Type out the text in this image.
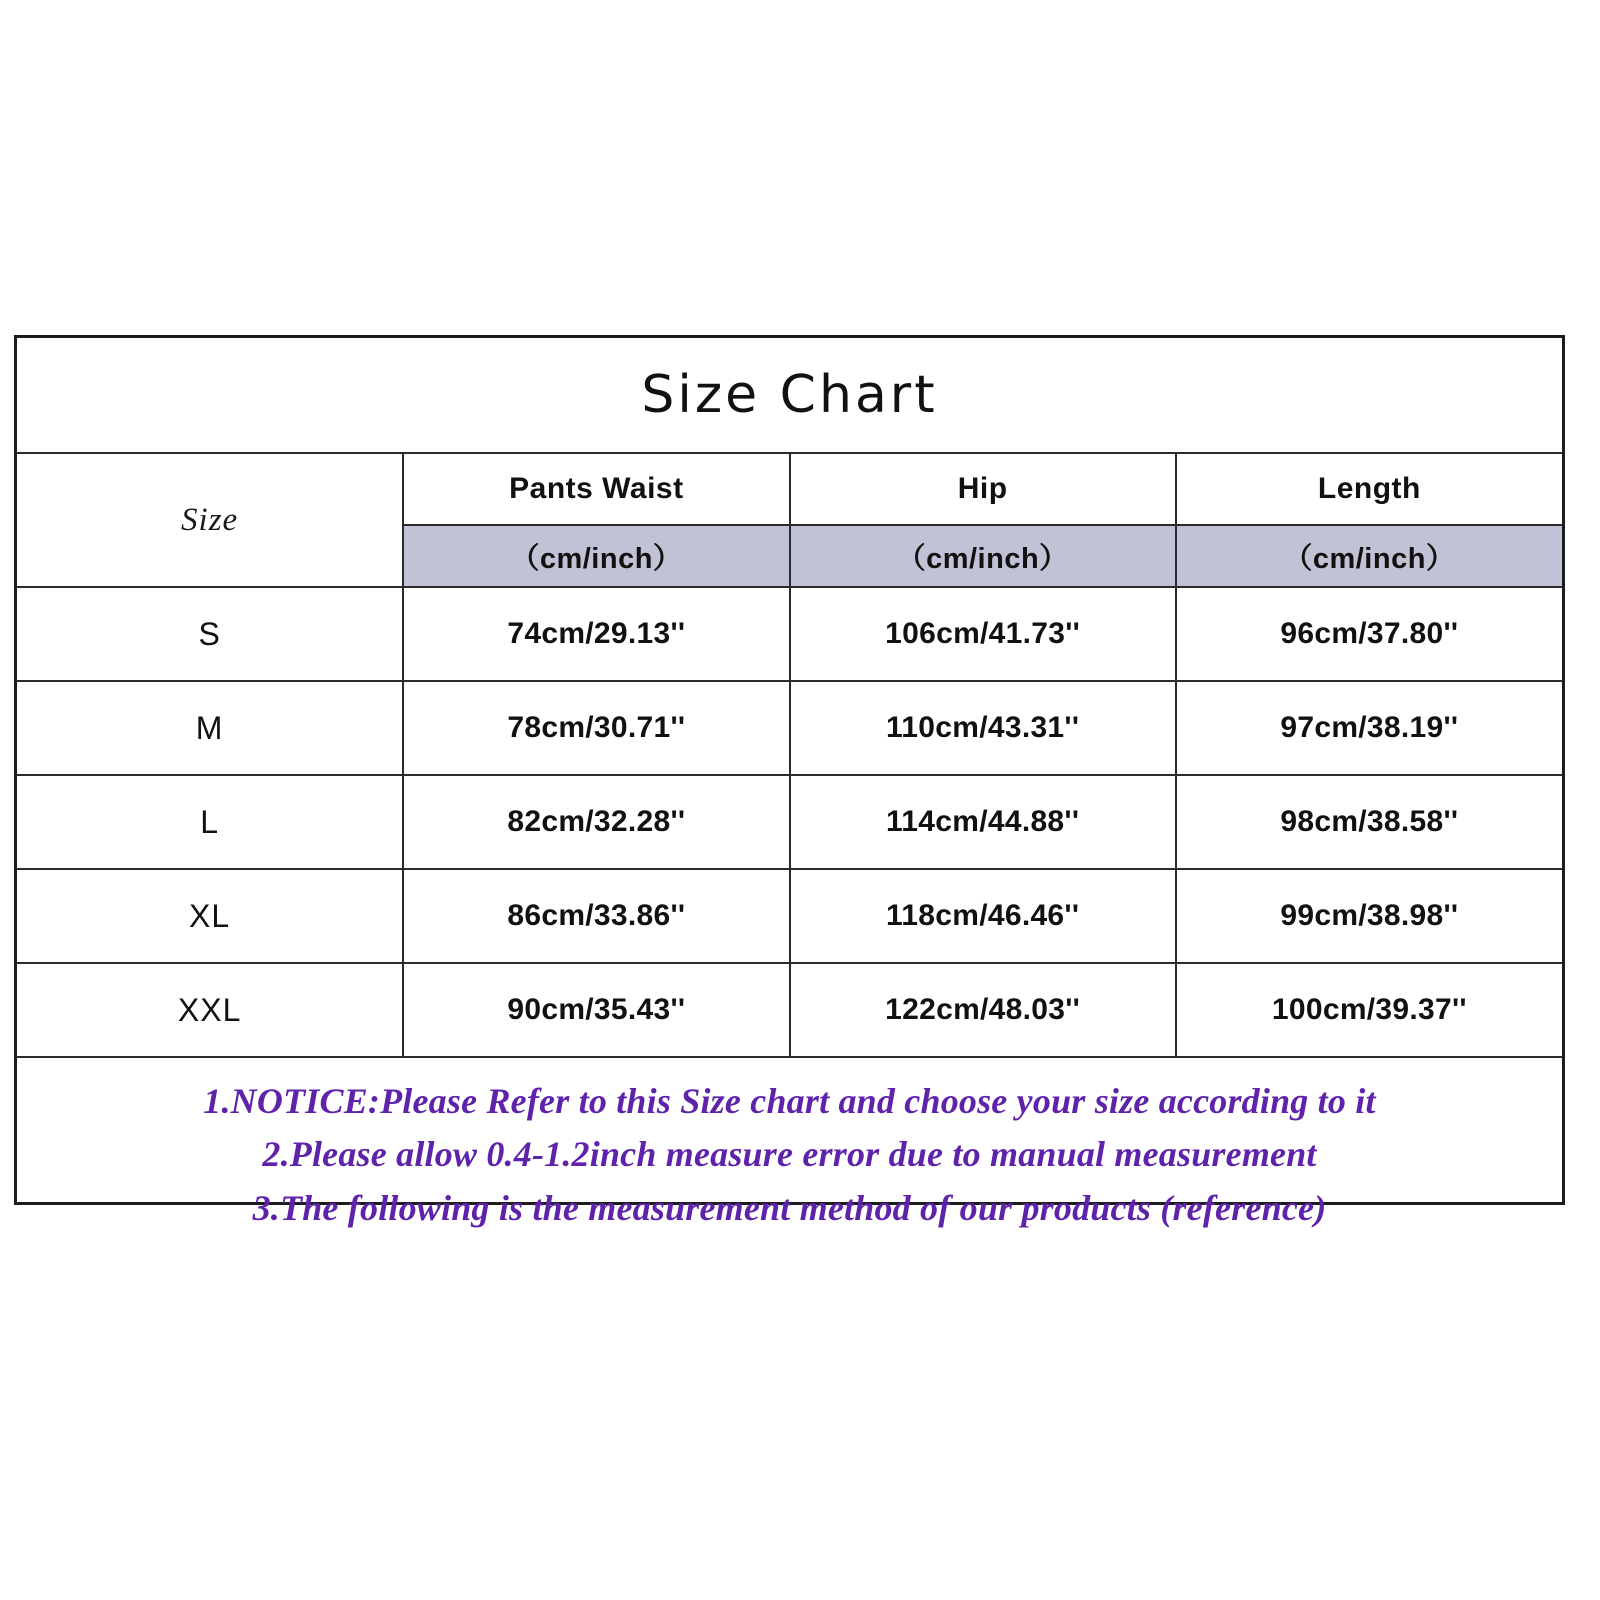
Size Chart			
Size	Pants Waist	Hip	Length
	（cm/inch）	（cm/inch）	（cm/inch）
S	74cm/29.13''	106cm/41.73''	96cm/37.80''
M	78cm/30.71''	110cm/43.31''	97cm/38.19''
L	82cm/32.28''	114cm/44.88''	98cm/38.58''
XL	86cm/33.86''	118cm/46.46''	99cm/38.98''
XXL	90cm/35.43''	122cm/48.03''	100cm/39.37''

1.NOTICE:Please Refer to this Size chart and choose your size according to it
2.Please allow 0.4-1.2inch measure error due to manual measurement
3.The following is the measurement method of our products (reference)			
